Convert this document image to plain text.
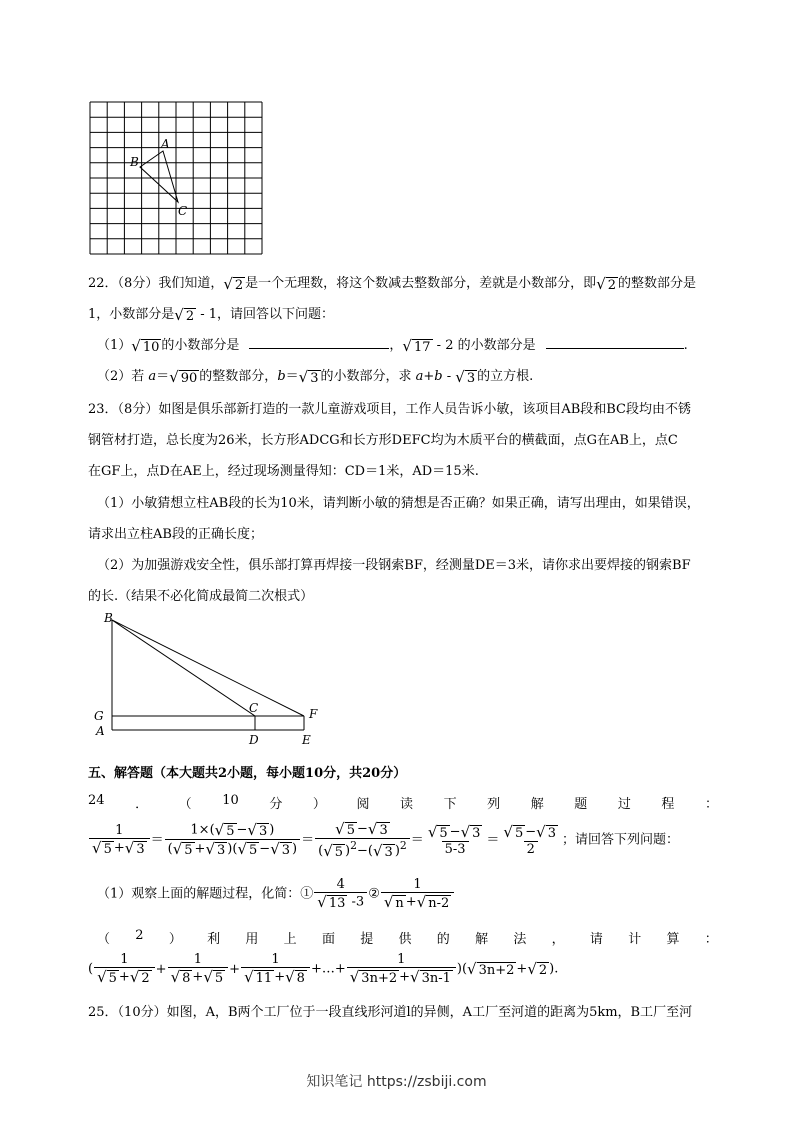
A
B
C
22．（8分）我们知道，√ 2 是一个无理数，将这个数减去整数部分，差就是小数部分，即√ 2 的整数部分是
1，小数部分是√ 2 - 1，请回答以下问题：
（1）√ 10 的小数部分是	，√ 17 - 2 的小数部分是	.
（2）若 a＝√ 90 的整数部分，b＝√ 3 的小数部分，求 a+b - √ 3 的立方根.
23．（8分）如图是俱乐部新打造的一款儿童游戏项目，工作人员告诉小敏，该项目AB段和BC段均由不锈
钢管材打造，总长度为26米，长方形ADCG和长方形DEFC均为木质平台的横截面，点G在AB上，点C
在GF上，点D在AE上，经过现场测量得知：CD＝1米，AD＝15米.
（1）小敏猜想立柱AB段的长为10米，请判断小敏的猜想是否正确？如果正确，请写出理由，如果错误，
请求出立柱AB段的正确长度；
（2）为加强游戏安全性，俱乐部打算再焊接一段钢索BF，经测量DE＝3米，请你求出要焊接的钢索BF
的长.（结果不必化简成最简二次根式）
B
G
A
C	F
D	E
五、解答题（本大题共2小题，每小题10分，共20分）
24 ． （ 10 分 ） 阅 读 下 列 解 题 过 程 ：
$\frac{1}{√ 5 +√ 3} = \frac{1\times(√ 5 -√ 3 )}{(√ 5 +√ 3 )(√ 5 -√ 3 )} = \frac{√ 5 -√ 3}{(√ 5 )^2-(√ 3 )^2} = \frac{√ 5 -√ 3}{5-3} = \frac{√ 5 -√ 3}{2}$ ；请回答下列问题：
（1）观察上面的解题过程，化简：① $\frac{4}{√ 13 -3}$ ② $\frac{1}{√ n +√ n-2}$
（ 2 ） 利 用 上 面 提 供 的 解 法 ， 请 计 算 ：
( $\frac{1}{√ 5 +√ 2} + \frac{1}{√ 8 +√ 5} + \frac{1}{√ 11 +√ 8}$ +…+ $\frac{1}{√ 3n+2 +√ 3n-1}$ )(√ 3n+2 +√ 2 ).
25．（10分）如图，A，B两个工厂位于一段直线形河道l的异侧，A工厂至河道的距离为5km，B工厂至河
知识笔记 https://zsbiji.com
